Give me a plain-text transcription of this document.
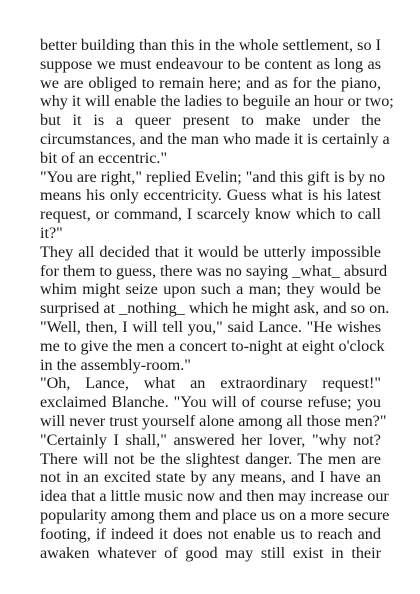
better building than this in the whole settlement, so I
suppose we must endeavour to be content as long as
we are obliged to remain here; and as for the piano,
why it will enable the ladies to beguile an hour or two;
but it is a queer present to make under the
circumstances, and the man who made it is certainly a
bit of an eccentric."
"You are right," replied Evelin; "and this gift is by no
means his only eccentricity. Guess what is his latest
request, or command, I scarcely know which to call
it?"
They all decided that it would be utterly impossible
for them to guess, there was no saying _what_ absurd
whim might seize upon such a man; they would be
surprised at _nothing_ which he might ask, and so on.
"Well, then, I will tell you," said Lance. "He wishes
me to give the men a concert to-night at eight o'clock
in the assembly-room."
"Oh, Lance, what an extraordinary request!"
exclaimed Blanche. "You will of course refuse; you
will never trust yourself alone among all those men?"
"Certainly I shall," answered her lover, "why not?
There will not be the slightest danger. The men are
not in an excited state by any means, and I have an
idea that a little music now and then may increase our
popularity among them and place us on a more secure
footing, if indeed it does not enable us to reach and
awaken whatever of good may still exist in their
